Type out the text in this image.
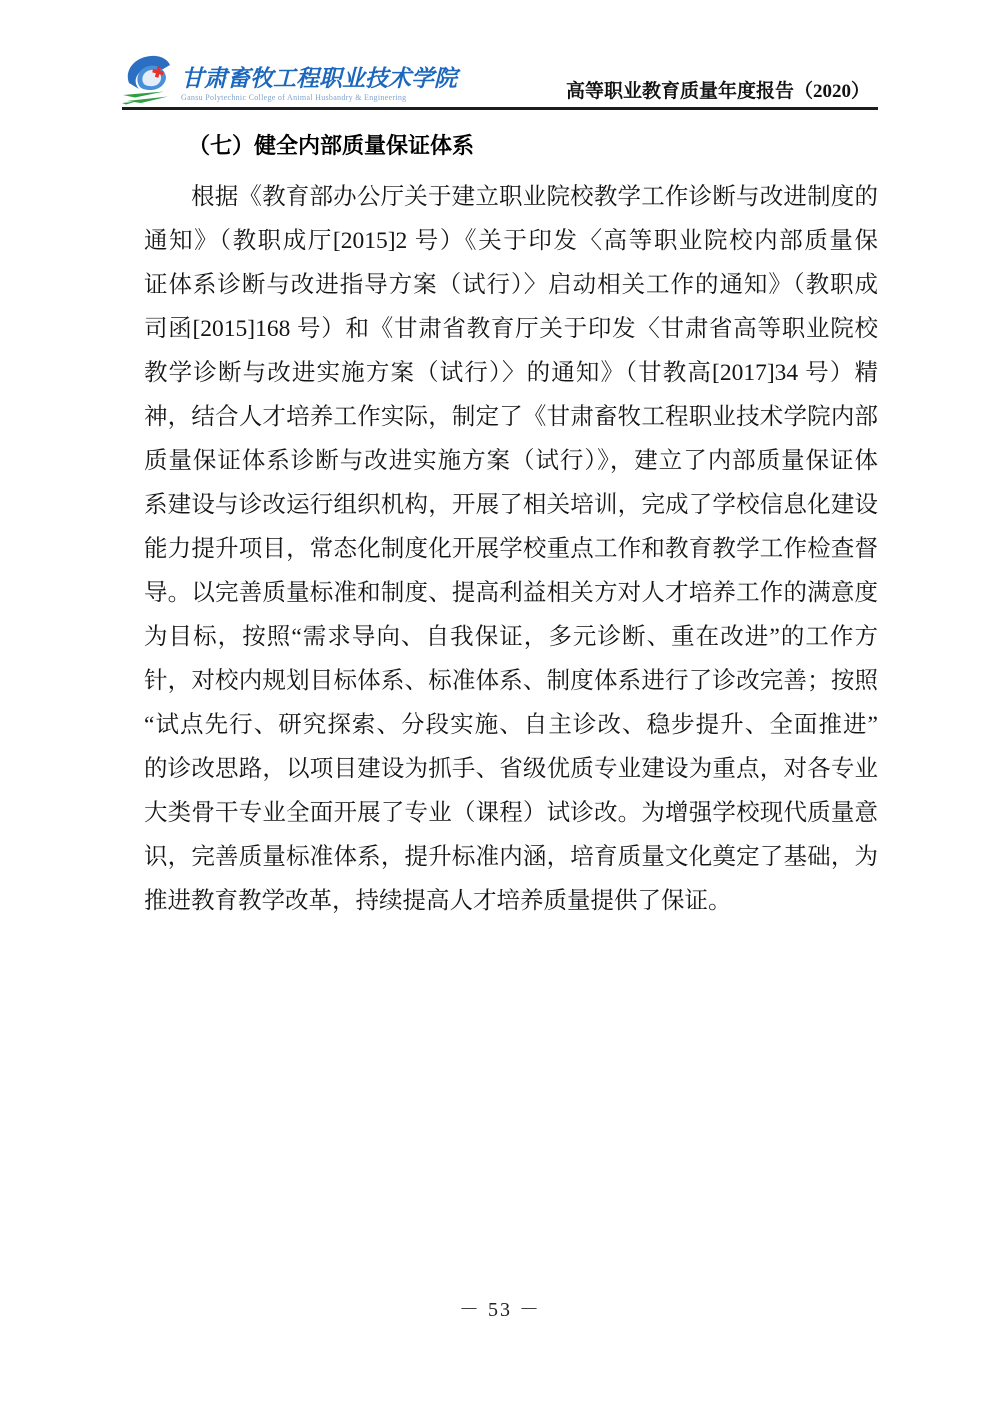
甘肃畜牧工程职业技术学院
Gansu Polytechnic College of Animal Husbandry & Engineering	高等职业教育质量年度报告（2020）
（七）健全内部质量保证体系
根据《教育部办公厅关于建立职业院校教学工作诊断与改进制度的
通知》（教职成厅[2015]2 号）《关于印发〈高等职业院校内部质量保
证体系诊断与改进指导方案（试行）〉启动相关工作的通知》（教职成
司函[2015]168 号）和《甘肃省教育厅关于印发〈甘肃省高等职业院校
教学诊断与改进实施方案（试行）〉的通知》（甘教高[2017]34 号）精
神，结合人才培养工作实际，制定了《甘肃畜牧工程职业技术学院内部
质量保证体系诊断与改进实施方案（试行）》，建立了内部质量保证体
系建设与诊改运行组织机构，开展了相关培训，完成了学校信息化建设
能力提升项目，常态化制度化开展学校重点工作和教育教学工作检查督
导。以完善质量标准和制度、提高利益相关方对人才培养工作的满意度
为目标，按照“需求导向、自我保证，多元诊断、重在改进”的工作方
针，对校内规划目标体系、标准体系、制度体系进行了诊改完善；按照
“试点先行、研究探索、分段实施、自主诊改、稳步提升、全面推进”
的诊改思路，以项目建设为抓手、省级优质专业建设为重点，对各专业
大类骨干专业全面开展了专业（课程）试诊改。为增强学校现代质量意
识，完善质量标准体系，提升标准内涵，培育质量文化奠定了基础，为
推进教育教学改革，持续提高人才培养质量提供了保证。
－ 53 －
